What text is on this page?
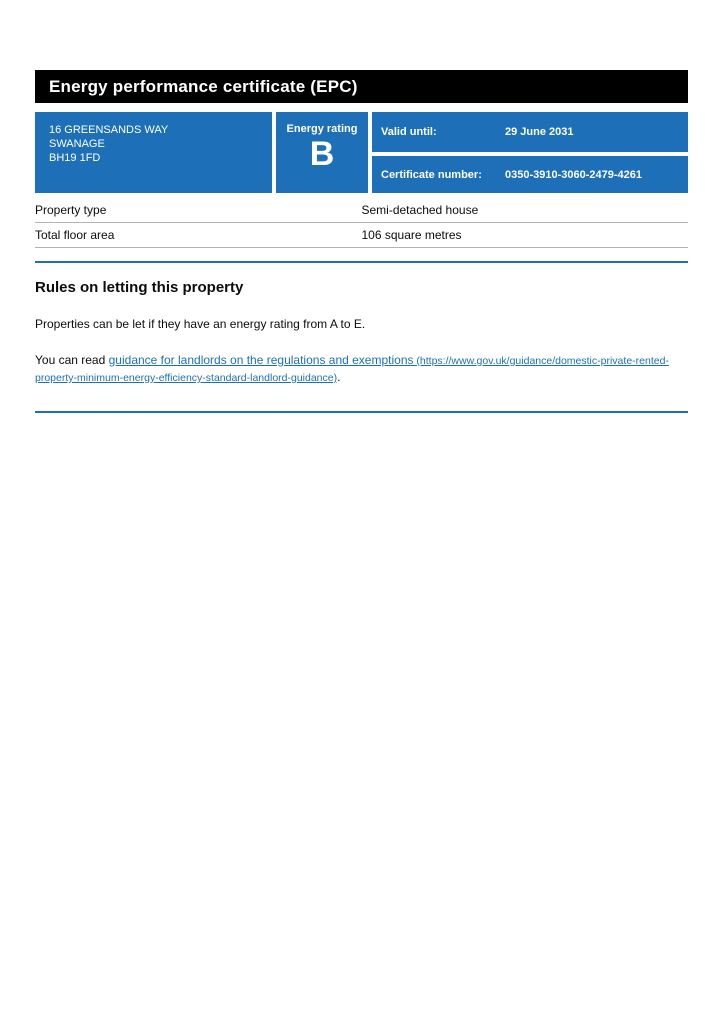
Energy performance certificate (EPC)
16 GREENSANDS WAY
SWANAGE
BH19 1FD
Energy rating
B
Valid until:	29 June 2031
Certificate number:	0350-3910-3060-2479-4261
Property type	Semi-detached house
Total floor area	106 square metres
Rules on letting this property

Properties can be let if they have an energy rating from A to E.

You can read guidance for landlords on the regulations and exemptions (https://www.gov.uk/guidance/domestic-private-rented-property-minimum-energy-efficiency-standard-landlord-guidance).
